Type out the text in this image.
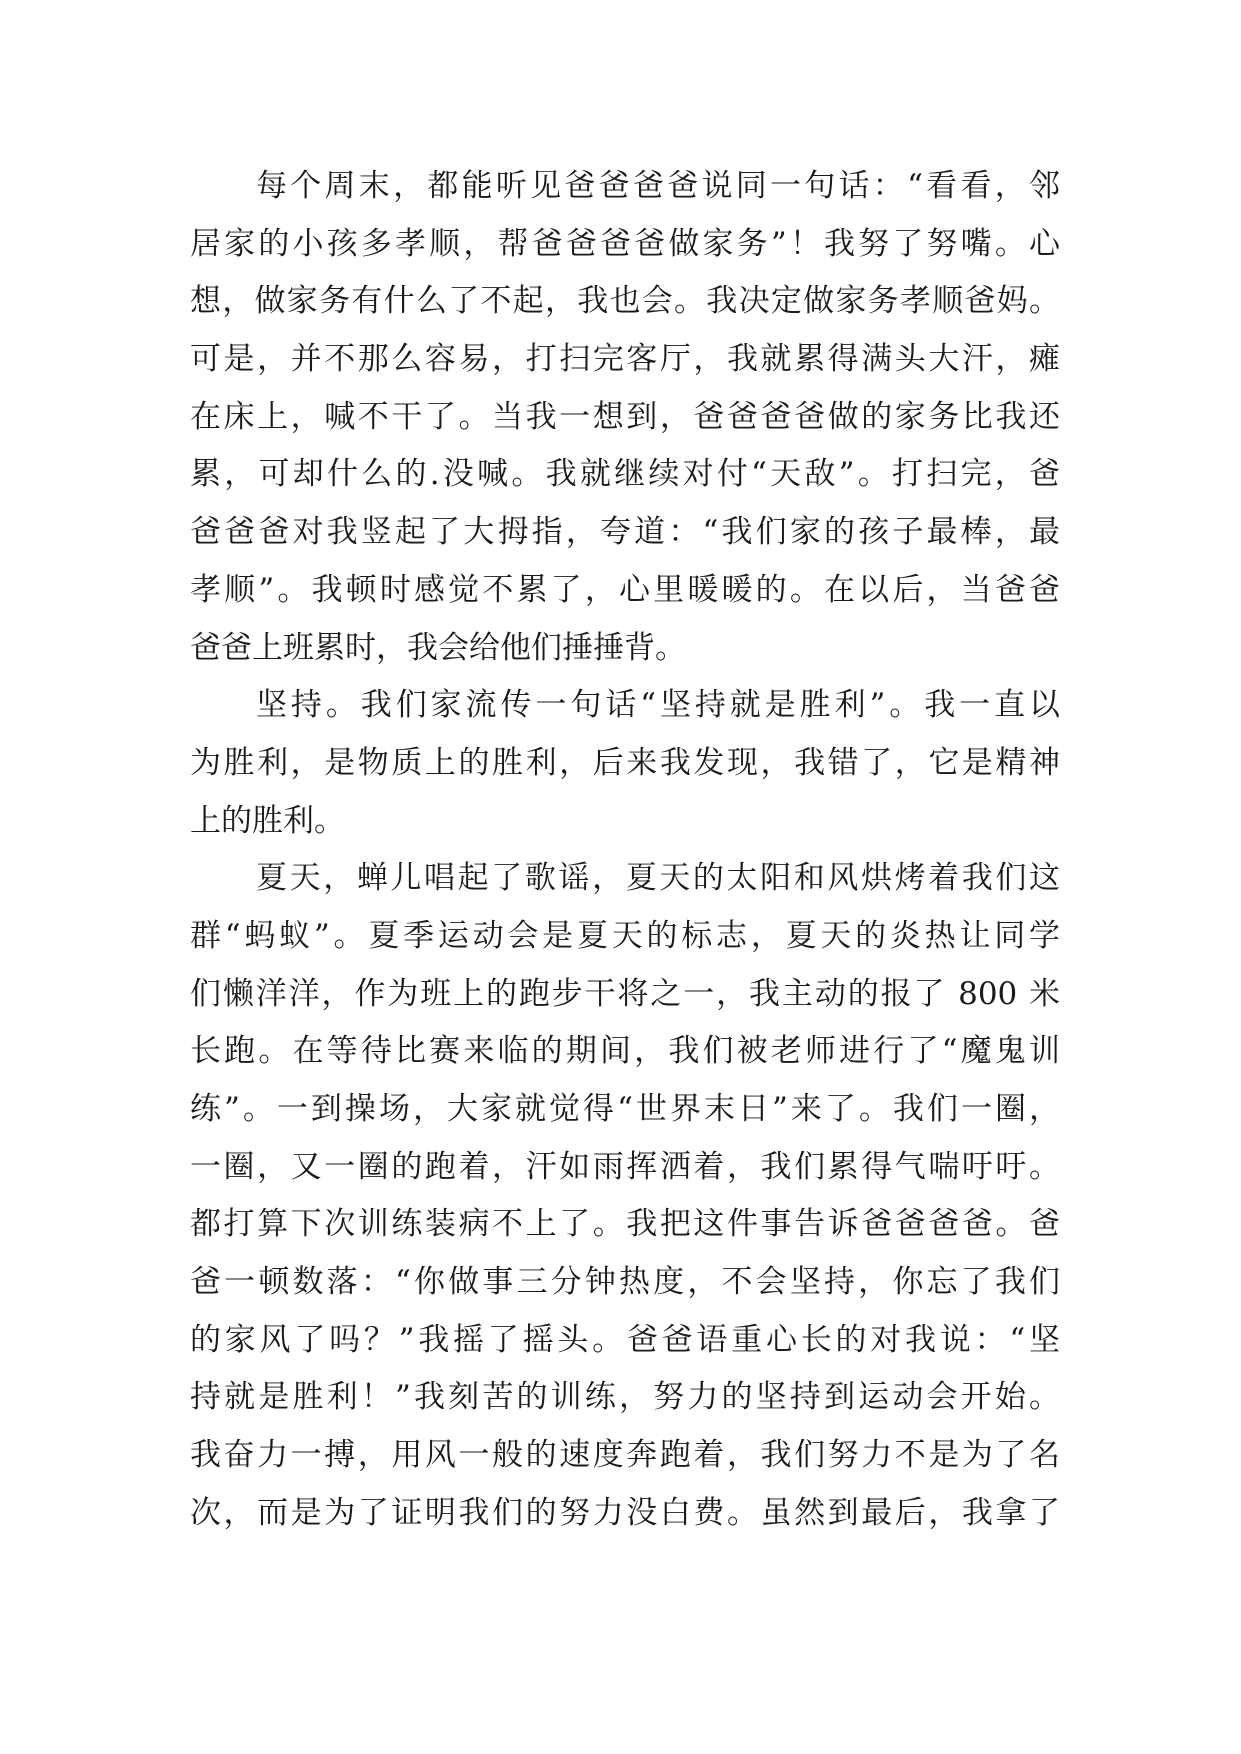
每个周末，都能听见爸爸爸爸说同一句话：“看看，邻
居家的小孩多孝顺，帮爸爸爸爸做家务”！我努了努嘴。心
想，做家务有什么了不起，我也会。我决定做家务孝顺爸妈。
可是，并不那么容易，打扫完客厅，我就累得满头大汗，瘫
在床上，喊不干了。当我一想到，爸爸爸爸做的家务比我还
累，可却什么的.没喊。我就继续对付“天敌”。打扫完，爸
爸爸爸对我竖起了大拇指，夸道：“我们家的孩子最棒，最
孝顺”。我顿时感觉不累了，心里暖暖的。在以后，当爸爸
爸爸上班累时，我会给他们捶捶背。
坚持。我们家流传一句话“坚持就是胜利”。我一直以
为胜利，是物质上的胜利，后来我发现，我错了，它是精神
上的胜利。
夏天，蝉儿唱起了歌谣，夏天的太阳和风烘烤着我们这
群“蚂蚁”。夏季运动会是夏天的标志，夏天的炎热让同学
们懒洋洋，作为班上的跑步干将之一，我主动的报了 800 米
长跑。在等待比赛来临的期间，我们被老师进行了“魔鬼训
练”。一到操场，大家就觉得“世界末日”来了。我们一圈，
一圈，又一圈的跑着，汗如雨挥洒着，我们累得气喘吁吁。
都打算下次训练装病不上了。我把这件事告诉爸爸爸爸。爸
爸一顿数落：“你做事三分钟热度，不会坚持，你忘了我们
的家风了吗？”我摇了摇头。爸爸语重心长的对我说：“坚
持就是胜利！”我刻苦的训练，努力的坚持到运动会开始。
我奋力一搏，用风一般的速度奔跑着，我们努力不是为了名
次，而是为了证明我们的努力没白费。虽然到最后，我拿了
